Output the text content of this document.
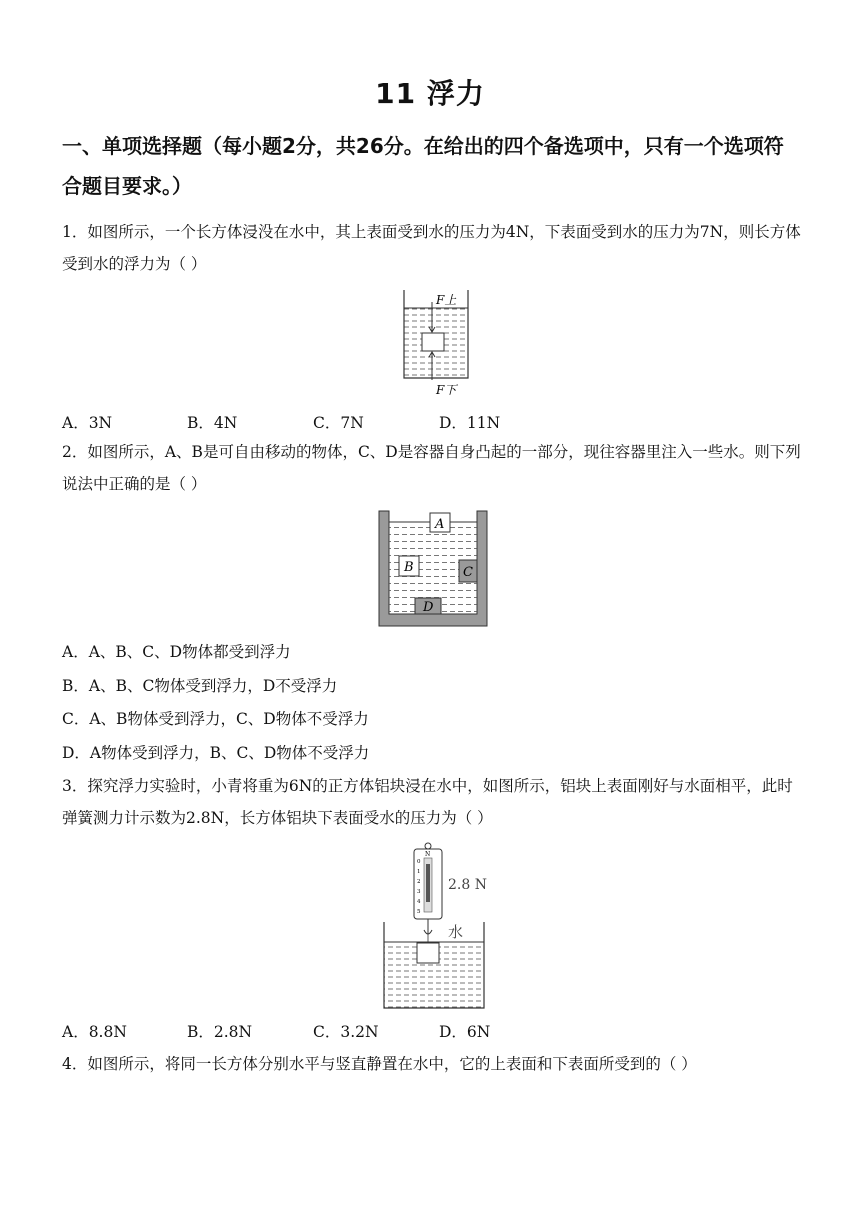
11 浮力
一、单项选择题（每小题2分，共26分。在给出的四个备选项中，只有一个选项符合题目要求。）
1．如图所示，一个长方体浸没在水中，其上表面受到水的压力为4N，下表面受到水的压力为7N，则长方体受到水的浮力为（ ）
F上
F下
A．3N	B．4N	C．7N	D．11N
2．如图所示，A、B是可自由移动的物体，C、D是容器自身凸起的一部分，现往容器里注入一些水。则下列说法中正确的是（ ）
A
B	C
D
A．A、B、C、D物体都受到浮力
B．A、B、C物体受到浮力，D不受浮力
C．A、B物体受到浮力，C、D物体不受浮力
D．A物体受到浮力，B、C、D物体不受浮力
3．探究浮力实验时，小青将重为6N的正方体铝块浸在水中，如图所示，铝块上表面刚好与水面相平，此时弹簧测力计示数为2.8N，长方体铝块下表面受水的压力为（ ）
N
0
1
2
3
4
5
2.8 N
水
A．8.8N	B．2.8N	C．3.2N	D．6N
4．如图所示，将同一长方体分别水平与竖直静置在水中，它的上表面和下表面所受到的（ ）
